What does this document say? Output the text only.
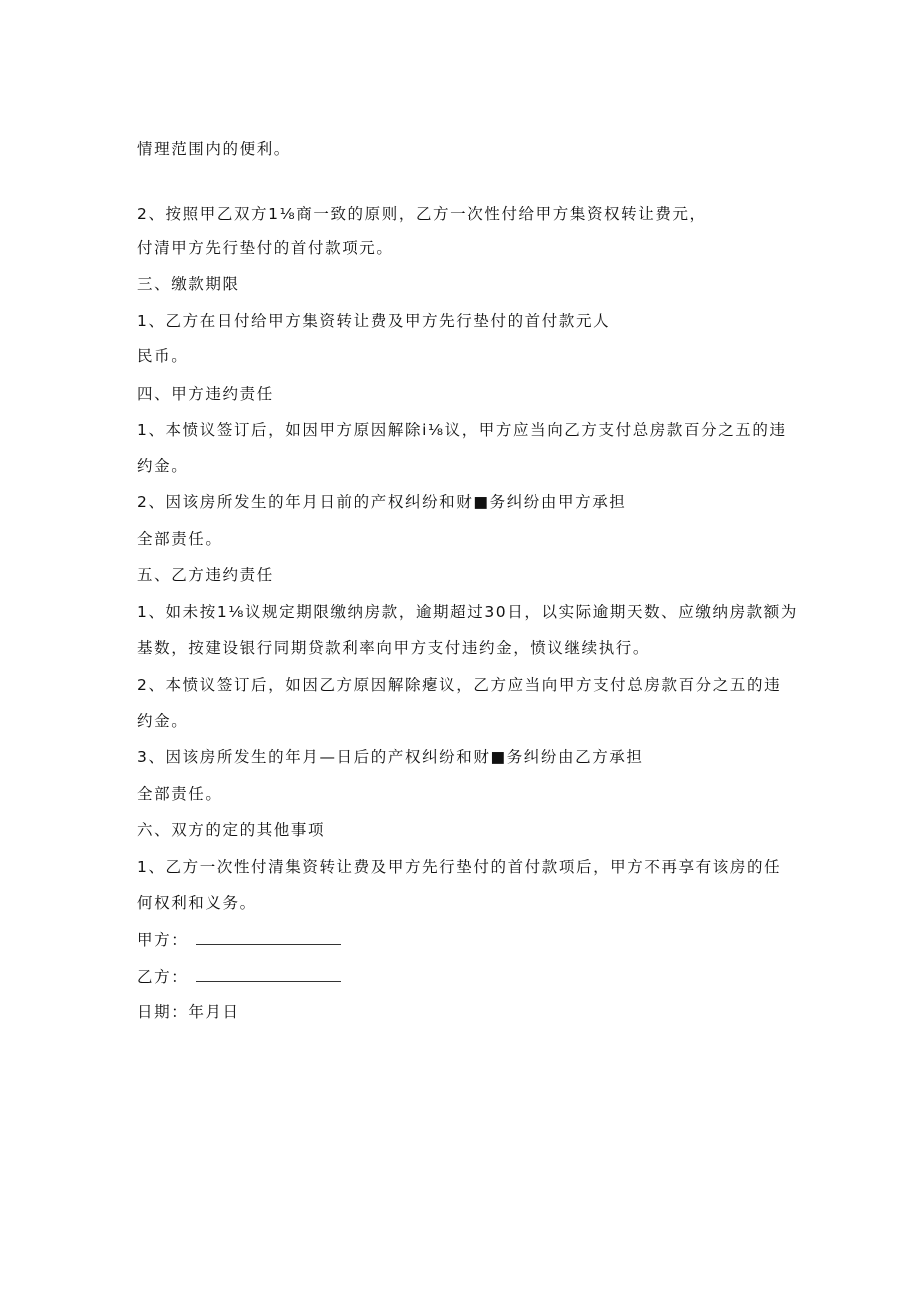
情理范围内的便利。
2、按照甲乙双方1⅛商一致的原则，乙方一次性付给甲方集资权转让费元，
付清甲方先行垫付的首付款项元。
三、缴款期限
1、乙方在日付给甲方集资转让费及甲方先行垫付的首付款元人
民币。
四、甲方违约责任
1、本愤议签订后，如因甲方原因解除i⅛议，甲方应当向乙方支付总房款百分之五的违
约金。
2、因该房所发生的年月日前的产权纠纷和财■务纠纷由甲方承担
全部责任。
五、乙方违约责任
1、如未按1⅛议规定期限缴纳房款，逾期超过30日，以实际逾期天数、应缴纳房款额为
基数，按建设银行同期贷款利率向甲方支付违约金，愤议继续执行。
2、本愤议签订后，如因乙方原因解除瘪议，乙方应当向甲方支付总房款百分之五的违
约金。
3、因该房所发生的年月—日后的产权纠纷和财■务纠纷由乙方承担
全部责任。
六、双方的定的其他事项
1、乙方一次性付清集资转让费及甲方先行垫付的首付款项后，甲方不再享有该房的任
何权利和义务。
甲方：
乙方：
日期：年月日
